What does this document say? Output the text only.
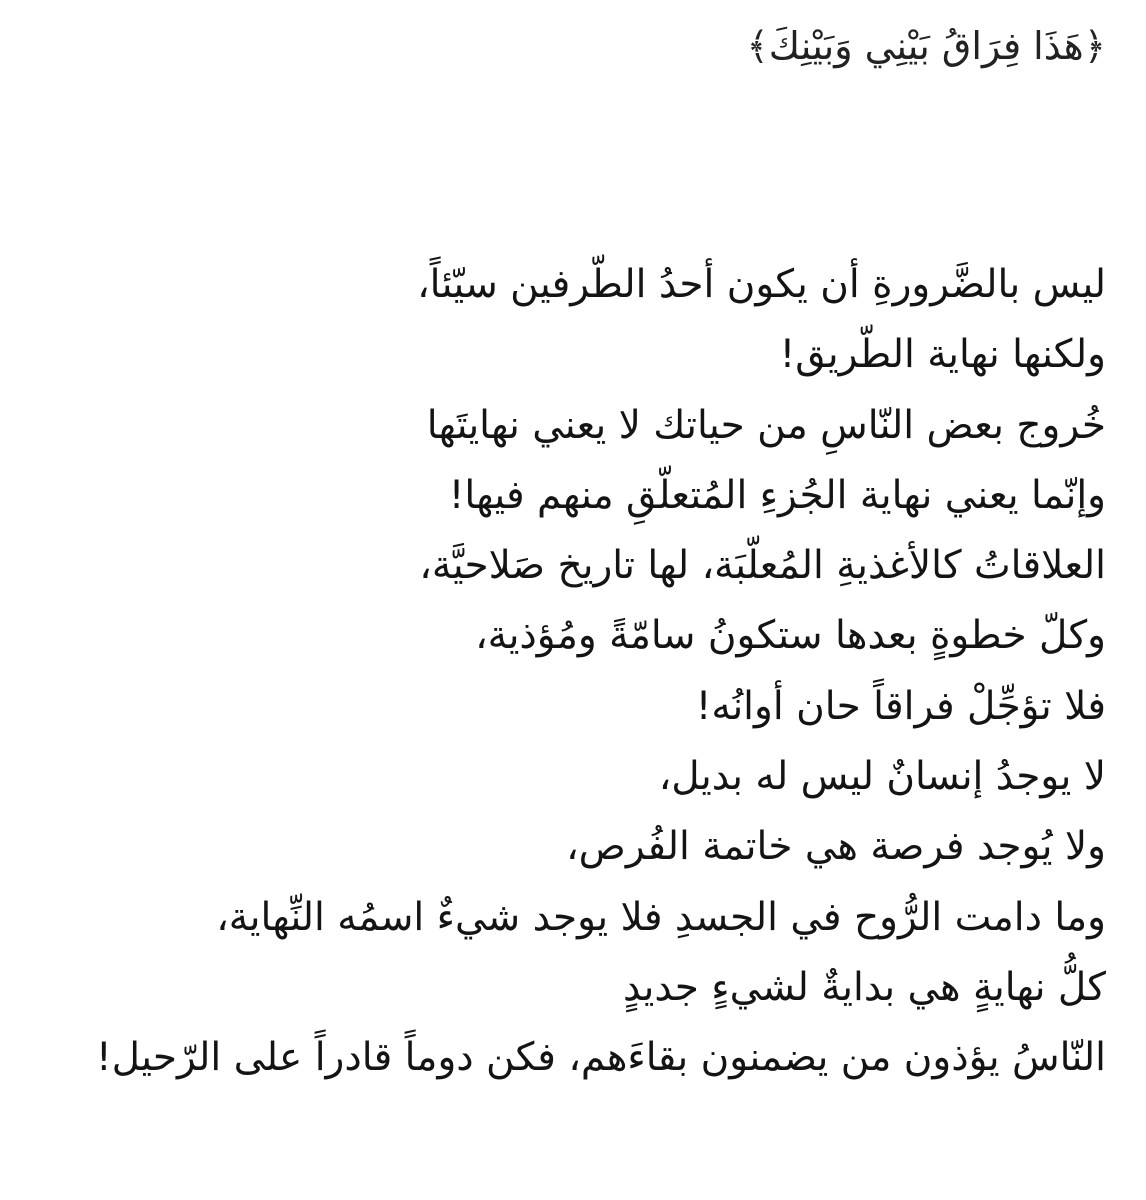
﴿هَذَا فِرَاقُ بَيْنِي وَبَيْنِكَ﴾
ليس بالضَّرورةِ أن يكون أحدُ الطّرفين سيّئاً،
ولكنها نهاية الطّريق!
خُروج بعض النّاسِ من حياتك لا يعني نهايتَها
وإنّما يعني نهاية الجُزءِ المُتعلّقِ منهم فيها!
العلاقاتُ كالأغذيةِ المُعلّبَة، لها تاريخ صَلاحيَّة،
وكلّ خطوةٍ بعدها ستكونُ سامّةً ومُؤذية،
فلا تؤجِّلْ فراقاً حان أوانُه!
لا يوجدُ إنسانٌ ليس له بديل،
ولا يُوجد فرصة هي خاتمة الفُرص،
وما دامت الرُّوح في الجسدِ فلا يوجد شيءٌ اسمُه النِّهاية،
كلُّ نهايةٍ هي بدايةٌ لشيءٍ جديدٍ
النّاسُ يؤذون من يضمنون بقاءَهم، فكن دوماً قادراً على الرّحيل!
